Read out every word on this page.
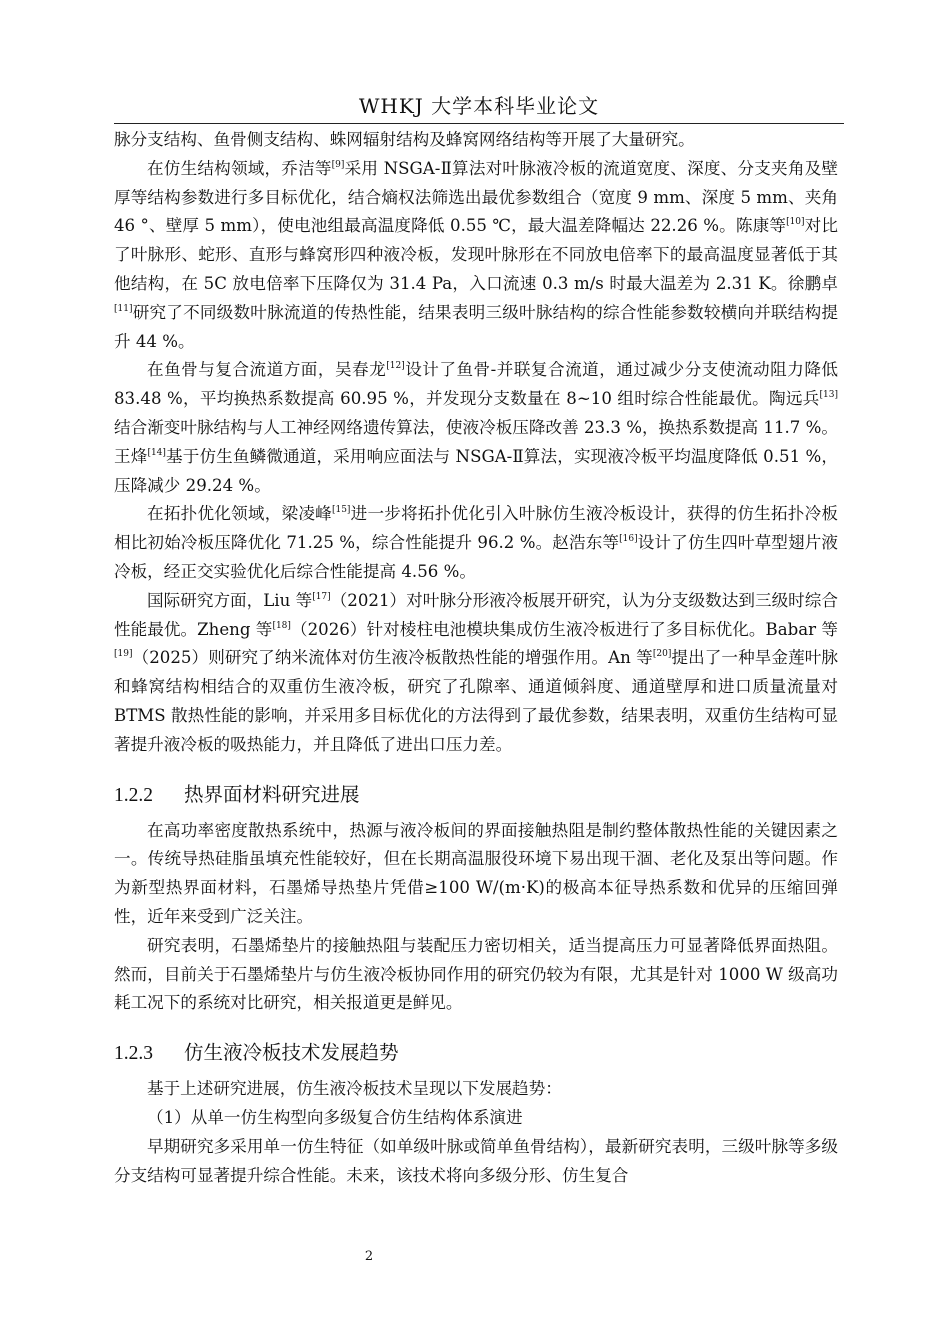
WHKJ 大学本科毕业论文

脉分支结构、鱼骨侧支结构、蛛网辐射结构及蜂窝网络结构等开展了大量研究。

在仿生结构领域，乔洁等[9]采用 NSGA-Ⅱ算法对叶脉液冷板的流道宽度、深度、分支夹角及壁厚等结构参数进行多目标优化，结合熵权法筛选出最优参数组合（宽度 9 mm、深度 5 mm、夹角 46 °、壁厚 5 mm），使电池组最高温度降低 0.55 ℃，最大温差降幅达 22.26 %。陈康等[10]对比了叶脉形、蛇形、直形与蜂窝形四种液冷板，发现叶脉形在不同放电倍率下的最高温度显著低于其他结构，在 5C 放电倍率下压降仅为 31.4 Pa，入口流速 0.3 m/s 时最大温差为 2.31 K。徐鹏卓[11]研究了不同级数叶脉流道的传热性能，结果表明三级叶脉结构的综合性能参数较横向并联结构提升 44 %。

在鱼骨与复合流道方面，吴春龙[12]设计了鱼骨-并联复合流道，通过减少分支使流动阻力降低 83.48 %，平均换热系数提高 60.95 %，并发现分支数量在 8~10 组时综合性能最优。陶远兵[13]结合渐变叶脉结构与人工神经网络遗传算法，使液冷板压降改善 23.3 %，换热系数提高 11.7 %。王烽[14]基于仿生鱼鳞微通道，采用响应面法与 NSGA-Ⅱ算法，实现液冷板平均温度降低 0.51 %，压降减少 29.24 %。

在拓扑优化领域，梁凌峰[15]进一步将拓扑优化引入叶脉仿生液冷板设计，获得的仿生拓扑冷板相比初始冷板压降优化 71.25 %，综合性能提升 96.2 %。赵浩东等[16]设计了仿生四叶草型翅片液冷板，经正交实验优化后综合性能提高 4.56 %。

国际研究方面，Liu 等[17]（2021）对叶脉分形液冷板展开研究，认为分支级数达到三级时综合性能最优。Zheng 等[18]（2026）针对棱柱电池模块集成仿生液冷板进行了多目标优化。Babar 等[19]（2025）则研究了纳米流体对仿生液冷板散热性能的增强作用。An 等[20]提出了一种旱金莲叶脉和蜂窝结构相结合的双重仿生液冷板，研究了孔隙率、通道倾斜度、通道壁厚和进口质量流量对 BTMS 散热性能的影响，并采用多目标优化的方法得到了最优参数，结果表明，双重仿生结构可显著提升液冷板的吸热能力，并且降低了进出口压力差。

1.2.2 热界面材料研究进展

在高功率密度散热系统中，热源与液冷板间的界面接触热阻是制约整体散热性能的关键因素之一。传统导热硅脂虽填充性能较好，但在长期高温服役环境下易出现干涸、老化及泵出等问题。作为新型热界面材料，石墨烯导热垫片凭借≥100 W/(m·K)的极高本征导热系数和优异的压缩回弹性，近年来受到广泛关注。

研究表明，石墨烯垫片的接触热阻与装配压力密切相关，适当提高压力可显著降低界面热阻。然而，目前关于石墨烯垫片与仿生液冷板协同作用的研究仍较为有限，尤其是针对 1000 W 级高功耗工况下的系统对比研究，相关报道更是鲜见。

1.2.3 仿生液冷板技术发展趋势

基于上述研究进展，仿生液冷板技术呈现以下发展趋势：

（1）从单一仿生构型向多级复合仿生结构体系演进

早期研究多采用单一仿生特征（如单级叶脉或简单鱼骨结构），最新研究表明，三级叶脉等多级分支结构可显著提升综合性能。未来，该技术将向多级分形、仿生复合

2
